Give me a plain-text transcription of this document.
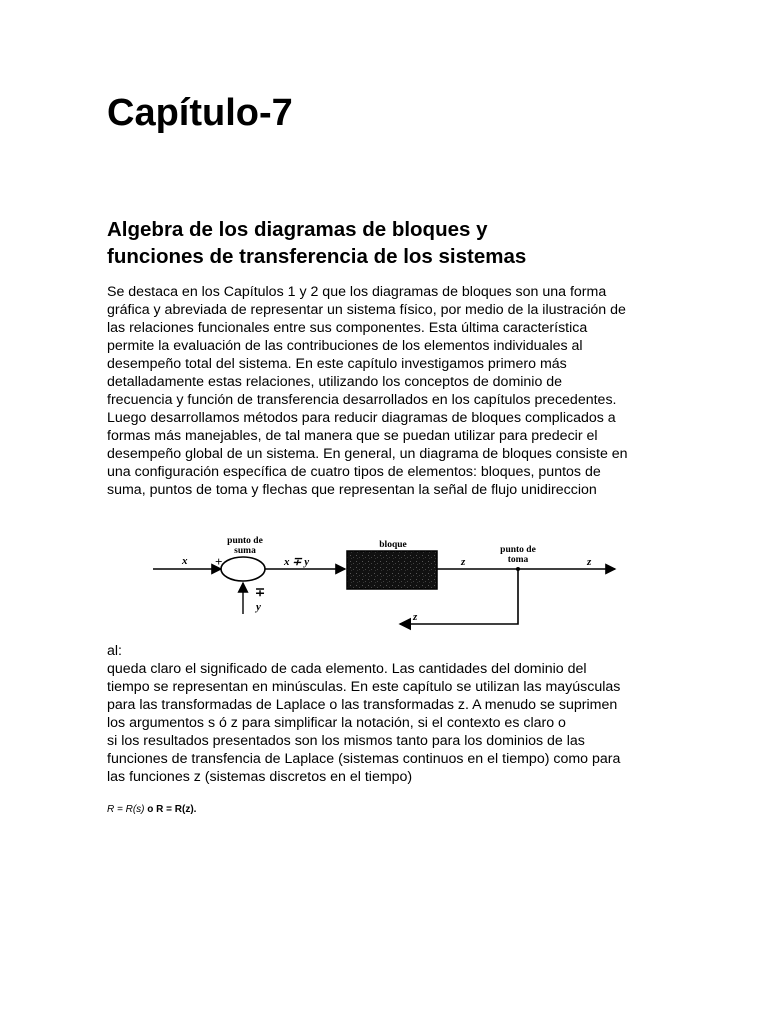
Capítulo-7
Algebra de los diagramas de bloques y
funciones de transferencia de los sistemas
Se destaca en los Capítulos 1 y 2 que los diagramas de bloques son una forma
gráfica y abreviada de representar un sistema físico, por medio de la ilustración de
las relaciones funcionales entre sus componentes. Esta última característica
permite la evaluación de las contribuciones de los elementos individuales al
desempeño total del sistema. En este capítulo investigamos primero más
detalladamente estas relaciones, utilizando los conceptos de dominio de
frecuencia y función de transferencia desarrollados en los capítulos precedentes.
Luego desarrollamos métodos para reducir diagramas de bloques complicados a
formas más manejables, de tal manera que se puedan utilizar para predecir el
desempeño global de un sistema. En general, un diagrama de bloques consiste en
una configuración específica de cuatro tipos de elementos: bloques, puntos de
suma, puntos de toma y flechas que representan la señal de flujo unidireccion
al:
queda claro el significado de cada elemento. Las cantidades del dominio del
tiempo se representan en minúsculas. En este capítulo se utilizan las mayúsculas
para las transformadas de Laplace o las transformadas z. A menudo se suprimen
los argumentos s ó z para simplificar la notación, si el contexto es claro o
si los resultados presentados son los mismos tanto para los dominios de las
funciones de transfencia de Laplace (sistemas continuos en el tiempo) como para
las funciones z (sistemas discretos en el tiempo)
R = R(s) o R = R(z).
punto de
suma
bloque	punto de
toma
x +
∓
y
x ∓ y	z	z
z
